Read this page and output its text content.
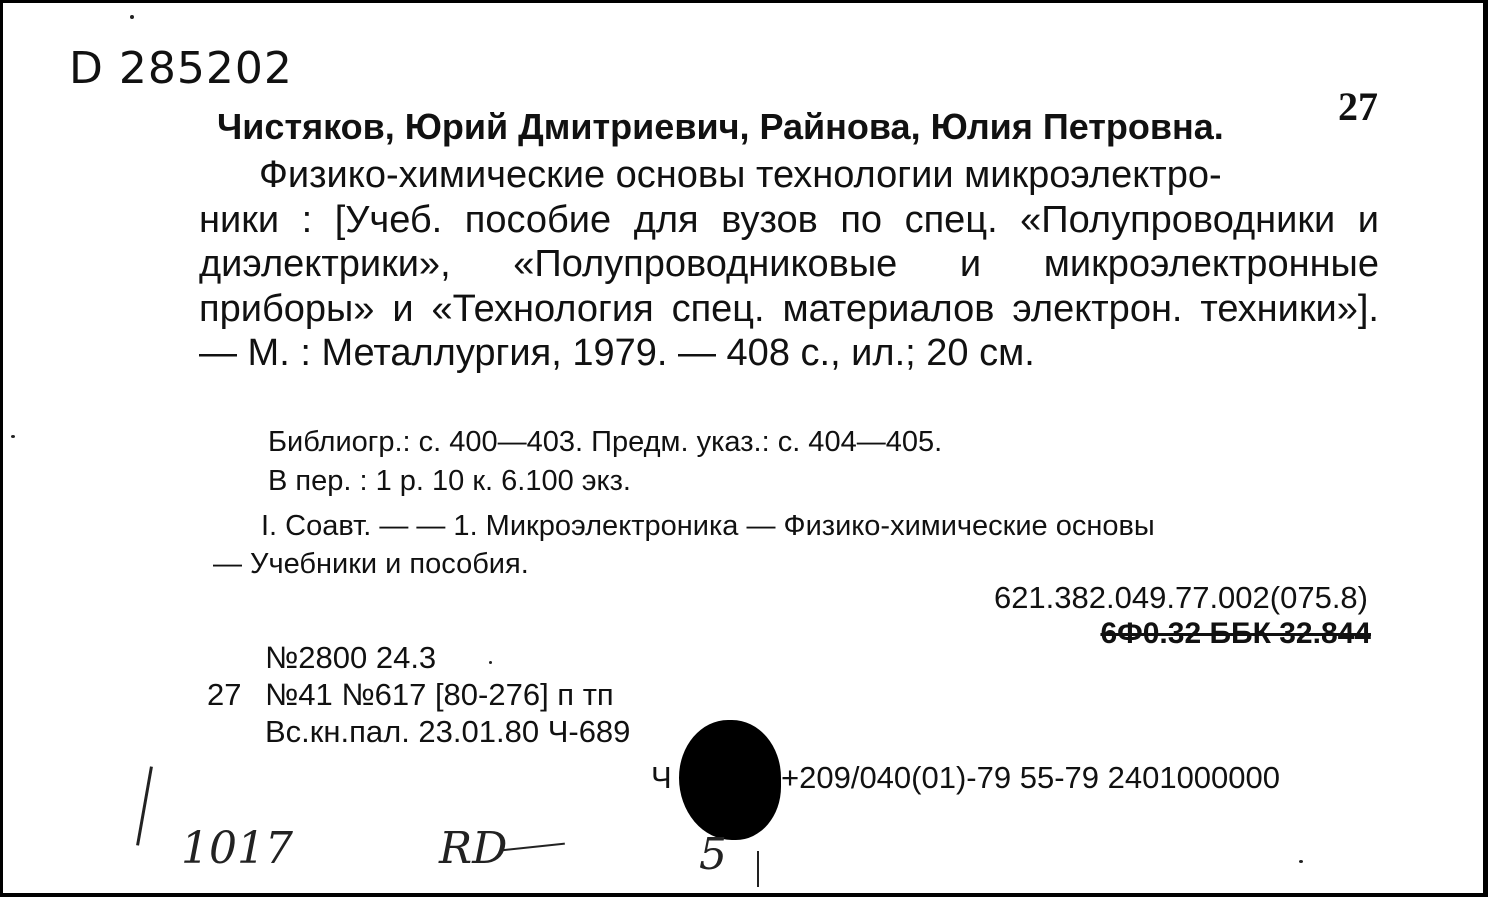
D 285202
27
Чистяков, Юрий Дмитриевич, Райнова, Юлия Петровна.
Физико-химические основы технологии микроэлектро-
ники : [Учеб. пособие для вузов по спец. «Полупроводники и диэлектрики», «Полупроводниковые и микроэлектронные приборы» и «Технология спец. материалов электрон. техники»]. — М. : Металлургия, 1979. — 408 с., ил.; 20 см.
Библиогр.: с. 400—403. Предм. указ.: с. 404—405.
В пер. : 1 р. 10 к. 6.100 экз.
I. Соавт. — — 1. Микроэлектроника — Физико-химические основы
— Учебники и пособия.
621.382.049.77.002(075.8)
6Ф0.32 ББК 32.844
№2800 24.3
27 №41 №617 [80-276] п тп
Вс.кн.пал. 23.01.80 Ч-689
Ч	+209/040(01)-79 55-79 2401000000
1017	RD	5
